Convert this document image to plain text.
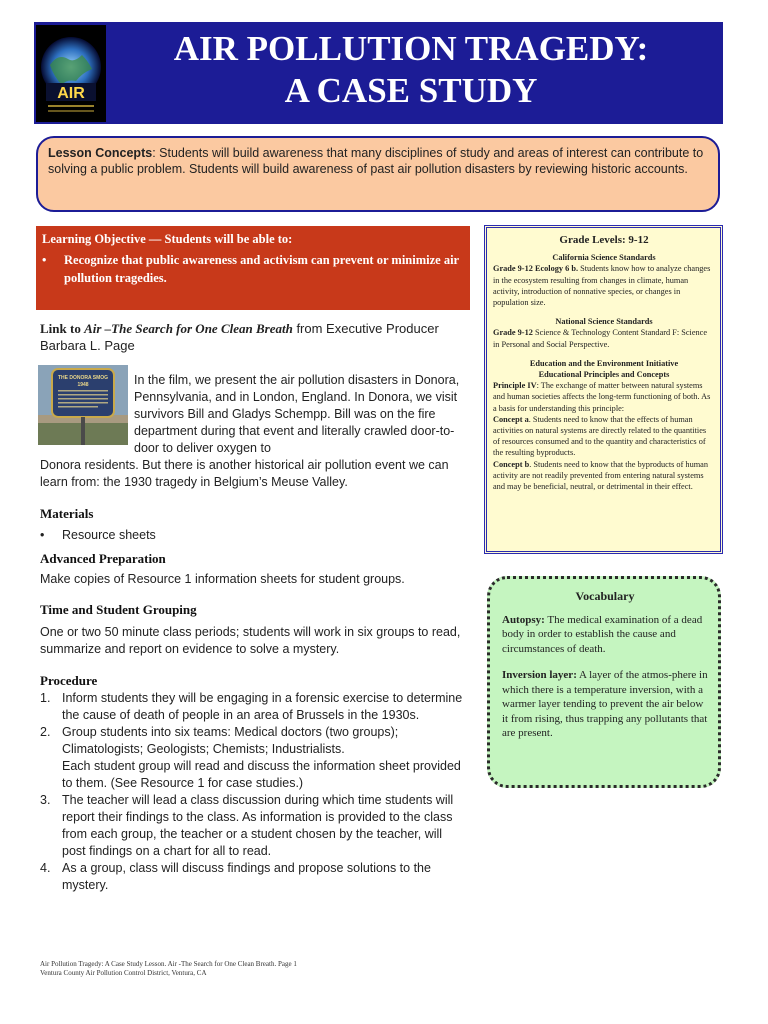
AIR
AIR POLLUTION TRAGEDY:
A CASE STUDY
Lesson Concepts: Students will build awareness that many disciplines of study and areas of interest can contribute to solving a public problem. Students will build awareness of past air pollution disasters by reviewing historic accounts.
Learning Objective — Students will be able to:
•	Recognize that public awareness and activism can prevent or minimize air pollution tragedies.
Grade Levels: 9-12
California Science Standards
Grade 9-12 Ecology 6 b. Students know how to analyze changes in the ecosystem resulting from changes in climate, human activity, introduction of nonnative species, or changes in population size.
National Science Standards
Grade 9-12 Science & Technology Content Standard F: Science in Personal and Social Perspective.
Education and the Environment Initiative
Educational Principles and Concepts
Principle IV: The exchange of matter between natural systems and human societies affects the long-term functioning of both. As a basis for understanding this principle:
Concept a. Students need to know that the effects of human activities on natural systems are directly related to the quantities of resources consumed and to the quantity and characteristics of the resulting byproducts.
Concept b. Students need to know that the byproducts of human activity are not readily prevented from entering natural systems and may be beneficial, neutral, or detrimental in their effect.
Link to Air –The Search for One Clean Breath from Executive Producer Barbara L. Page
THE DONORA SMOG
1948	In the film, we present the air pollution disasters in Donora, Pennsylvania, and in London, England. In Donora, we visit survivors Bill and Gladys Schempp. Bill was on the fire department during that event and literally crawled door-to-door to deliver oxygen to
Donora residents. But there is another historical air pollution event we can learn from: the 1930 tragedy in Belgium’s Meuse Valley.
Materials
•	Resource sheets
Advanced Preparation
Make copies of Resource 1 information sheets for student groups.
Time and Student Grouping
One or two 50 minute class periods; students will work in six groups to read, summarize and report on evidence to solve a mystery.
Procedure
1. Inform students they will be engaging in a forensic exercise to determine the cause of death of people in an area of Brussels in the 1930s.
2. Group students into six teams: Medical doctors (two groups); Climatologists; Geologists; Chemists; Industrialists.
Each student group will read and discuss the information sheet provided to them. (See Resource 1 for case studies.)
3. The teacher will lead a class discussion during which time students will report their findings to the class. As information is provided to the class from each group, the teacher or a student chosen by the teacher, will post findings on a chart for all to read.
4. As a group, class will discuss findings and propose solutions to the mystery.
Vocabulary

Autopsy: The medical examination of a dead body in order to establish the cause and circumstances of death.

Inversion layer: A layer of the atmos-phere in which there is a temperature inversion, with a warmer layer tending to prevent the air below it from rising, thus trapping any pollutants that are present.

Air Pollution Tragedy: A Case Study Lesson. Air -The Search for One Clean Breath. Page 1
Ventura County Air Pollution Control District, Ventura, CA
